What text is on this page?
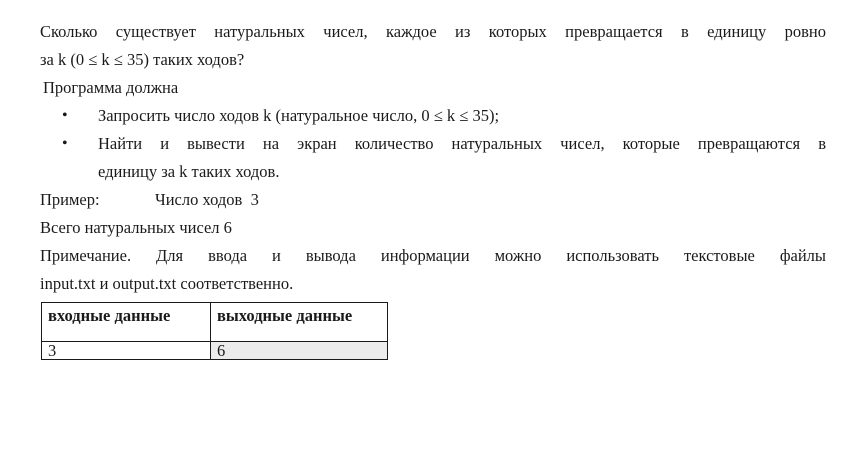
Сколько существует натуральных чисел, каждое из которых превращается в единицу ровно
за k (0 ≤ k ≤ 35) таких ходов?
Программа должна
• Запросить число ходов k (натуральное число, 0 ≤ k ≤ 35);
• Найти и вывести на экран количество натуральных чисел, которые превращаются в
единицу за k таких ходов.
Пример:	Число ходов  3
Всего натуральных чисел 6
Примечание. Для ввода и вывода информации можно использовать текстовые файлы
input.txt и output.txt соответственно.
входные данные	выходные данные
3	6
